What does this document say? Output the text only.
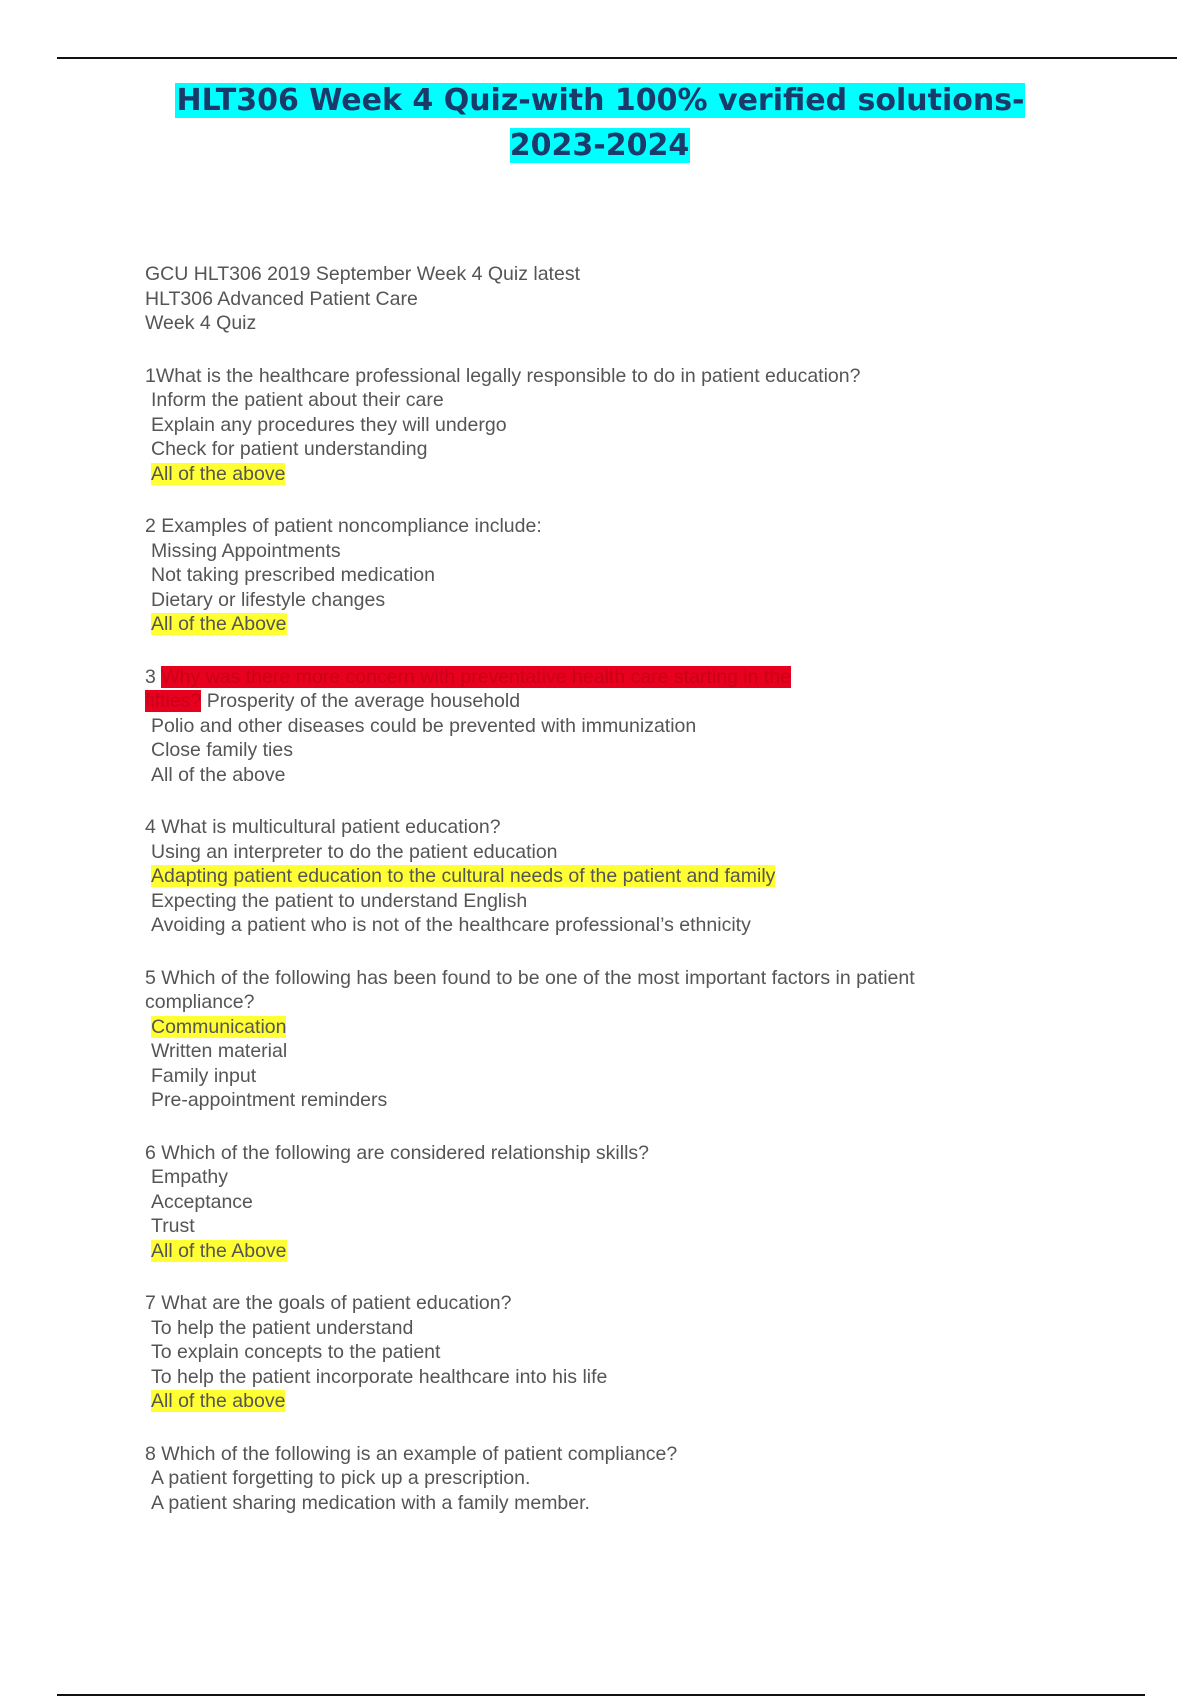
HLT306 Week 4 Quiz-with 100% verified solutions-2023-2024

GCU HLT306 2019 September Week 4 Quiz latest

HLT306 Advanced Patient Care

Week 4 Quiz

1What is the healthcare professional legally responsible to do in patient education?

Inform the patient about their care

Explain any procedures they will undergo

Check for patient understanding

All of the above

2 Examples of patient noncompliance include:

Missing Appointments

Not taking prescribed medication

Dietary or lifestyle changes

All of the Above

3 Why was there more concern with preventative health care starting in the fifties? Prosperity of the average household

Polio and other diseases could be prevented with immunization

Close family ties

All of the above

4 What is multicultural patient education?

Using an interpreter to do the patient education

Adapting patient education to the cultural needs of the patient and family

Expecting the patient to understand English

Avoiding a patient who is not of the healthcare professional’s ethnicity

5 Which of the following has been found to be one of the most important factors in patient compliance?

Communication

Written material

Family input

Pre-appointment reminders

6 Which of the following are considered relationship skills?

Empathy

Acceptance

Trust

All of the Above

7 What are the goals of patient education?

To help the patient understand

To explain concepts to the patient

To help the patient incorporate healthcare into his life

All of the above

8 Which of the following is an example of patient compliance?

A patient forgetting to pick up a prescription.

A patient sharing medication with a family member.
